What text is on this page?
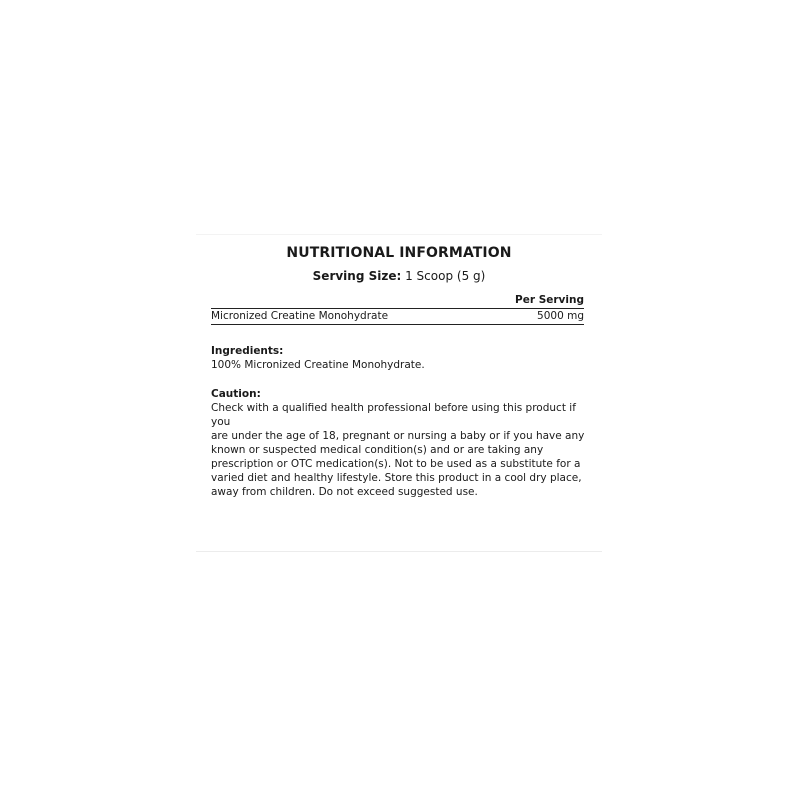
NUTRITIONAL INFORMATION
Serving Size: 1 Scoop (5 g)
Per Serving
Micronized Creatine Monohydrate	5000 mg
Ingredients:
100% Micronized Creatine Monohydrate.
Caution:
Check with a qualified health professional before using this product if you
are under the age of 18, pregnant or nursing a baby or if you have any
known or suspected medical condition(s) and or are taking any
prescription or OTC medication(s). Not to be used as a substitute for a
varied diet and healthy lifestyle. Store this product in a cool dry place,
away from children. Do not exceed suggested use.
